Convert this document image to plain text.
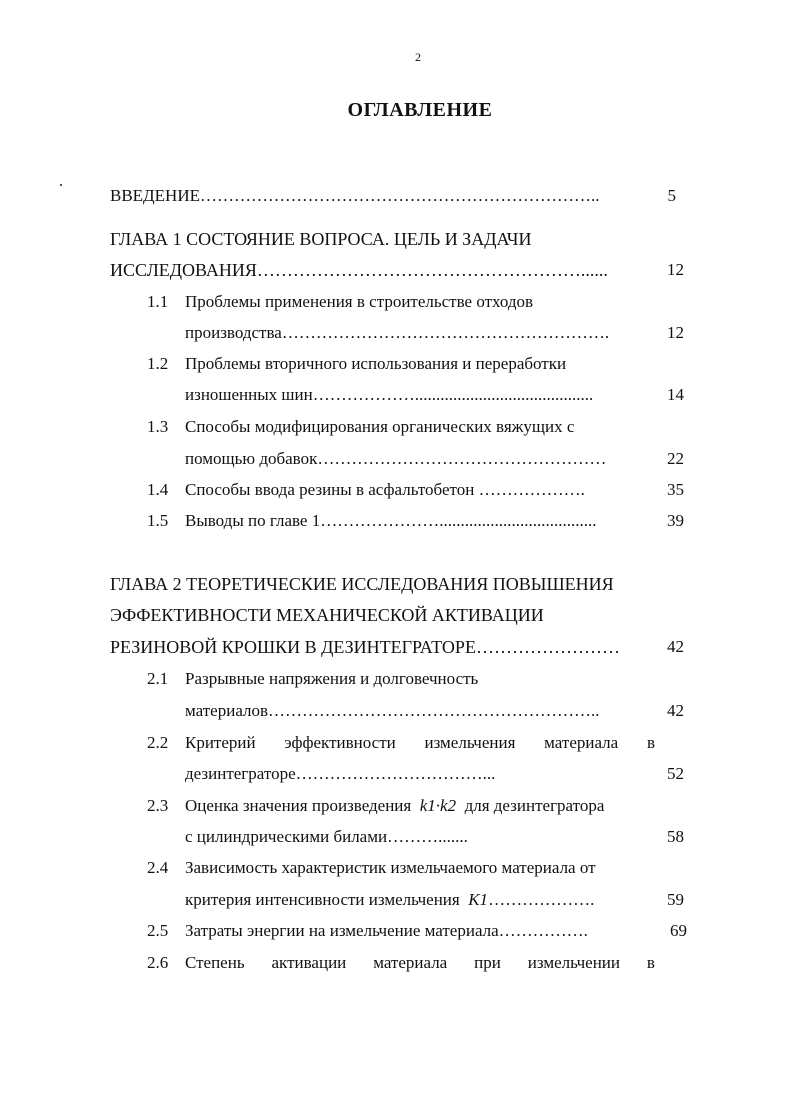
2
ОГЛАВЛЕНИЕ
ВВЕДЕНИЕ……………………………………………………………..	5
ГЛАВА 1 СОСТОЯНИЕ ВОПРОСА. ЦЕЛЬ И ЗАДАЧИ
ИССЛЕДОВАНИЯ………………………………………………......	12
1.1 Проблемы применения в строительстве отходов
производства………………………………………………….	12
1.2 Проблемы вторичного использования и переработки
изношенных шин………………..........................................	14
1.3 Способы модифицирования органических вяжущих с
помощью добавок……………………………………………	22
1.4 Способы ввода резины в асфальтобетон ……………….	35
1.5 Выводы по главе 1………………….....................................	39
ГЛАВА 2 ТЕОРЕТИЧЕСКИЕ ИССЛЕДОВАНИЯ ПОВЫШЕНИЯ
ЭФФЕКТИВНОСТИ МЕХАНИЧЕСКОЙ АКТИВАЦИИ
РЕЗИНОВОЙ КРОШКИ В ДЕЗИНТЕГРАТОРЕ……………………	42
2.1 Разрывные напряжения и долговечность
материалов…………………………………………………..	42
2.2 Критерий эффективности измельчения материала в
дезинтеграторе……………………………...	52
2.3 Оценка значения произведения k1·k2 для дезинтегратора
с цилиндрическими билами……….......	58
2.4 Зависимость характеристик измельчаемого материала от
критерия интенсивности измельчения K1……………….	59
2.5 Затраты энергии на измельчение материала…………….	69
2.6 Степень активации материала при измельчении в
